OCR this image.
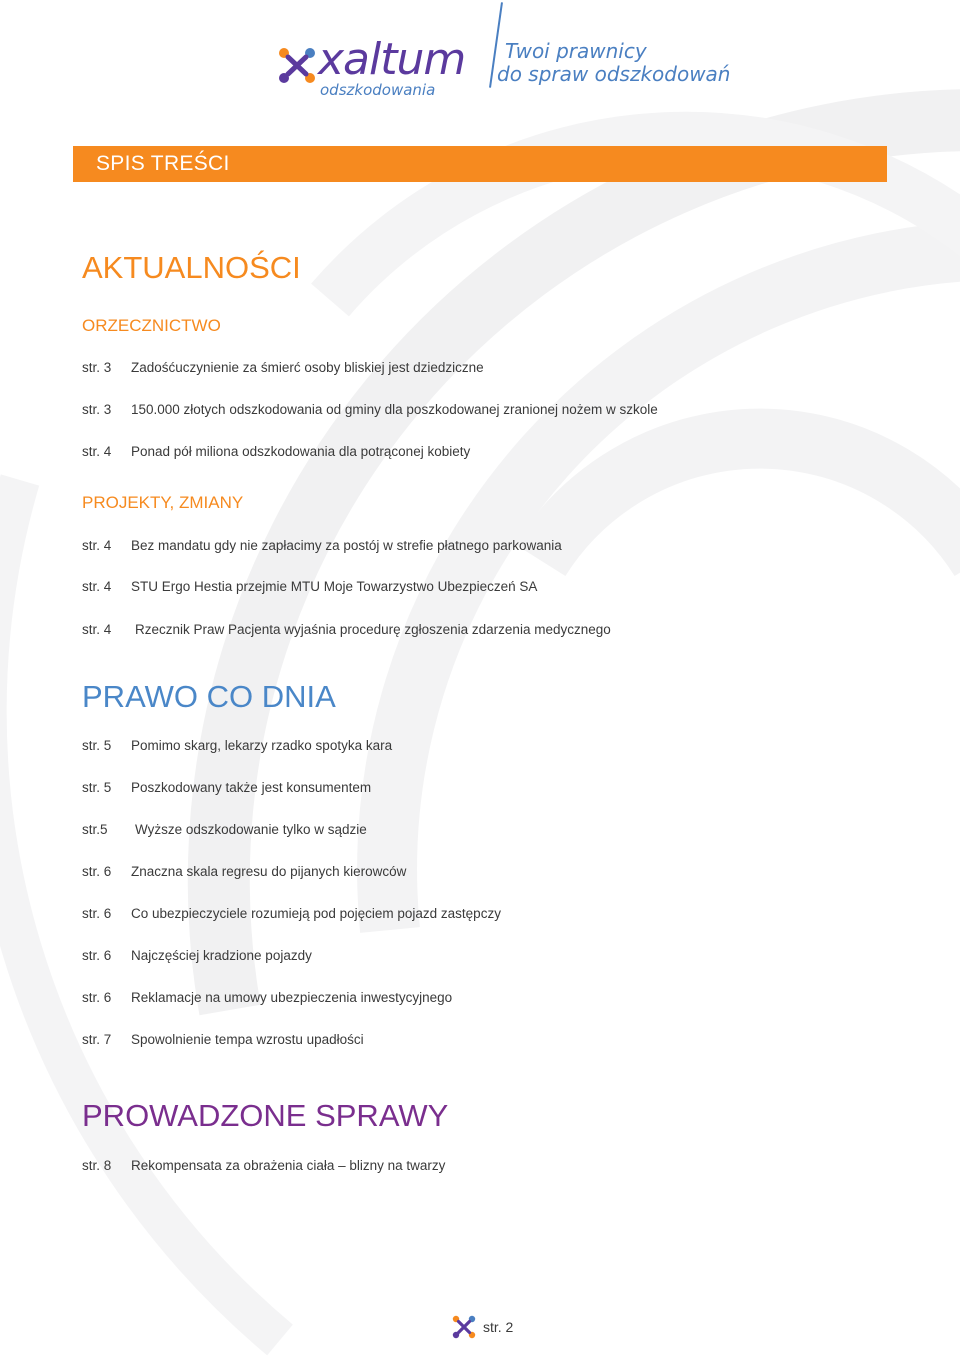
xaltum
odszkodowania
Twoi prawnicy
do spraw odszkodowań
SPIS TREŚCI
AKTUALNOŚCI
ORZECZNICTWO
str. 3 Zadośćuczynienie za śmierć osoby bliskiej jest dziedziczne
str. 3 150.000 złotych odszkodowania od gminy dla poszkodowanej zranionej nożem w szkole
str. 4 Ponad pół miliona odszkodowania dla potrąconej kobiety
PROJEKTY, ZMIANY
str. 4 Bez mandatu gdy nie zapłacimy za postój w strefie płatnego parkowania
str. 4 STU Ergo Hestia przejmie MTU Moje Towarzystwo Ubezpieczeń SA
str. 4 Rzecznik Praw Pacjenta wyjaśnia procedurę zgłoszenia zdarzenia medycznego
PRAWO CO DNIA
str. 5 Pomimo skarg, lekarzy rzadko spotyka kara
str. 5 Poszkodowany także jest konsumentem
str.5 Wyższe odszkodowanie tylko w sądzie
str. 6 Znaczna skala regresu do pijanych kierowców
str. 6 Co ubezpieczyciele rozumieją pod pojęciem pojazd zastępczy
str. 6 Najczęściej kradzione pojazdy
str. 6 Reklamacje na umowy ubezpieczenia inwestycyjnego
str. 7 Spowolnienie tempa wzrostu upadłości
PROWADZONE SPRAWY
str. 8 Rekompensata za obrażenia ciała – blizny na twarzy
str. 2
